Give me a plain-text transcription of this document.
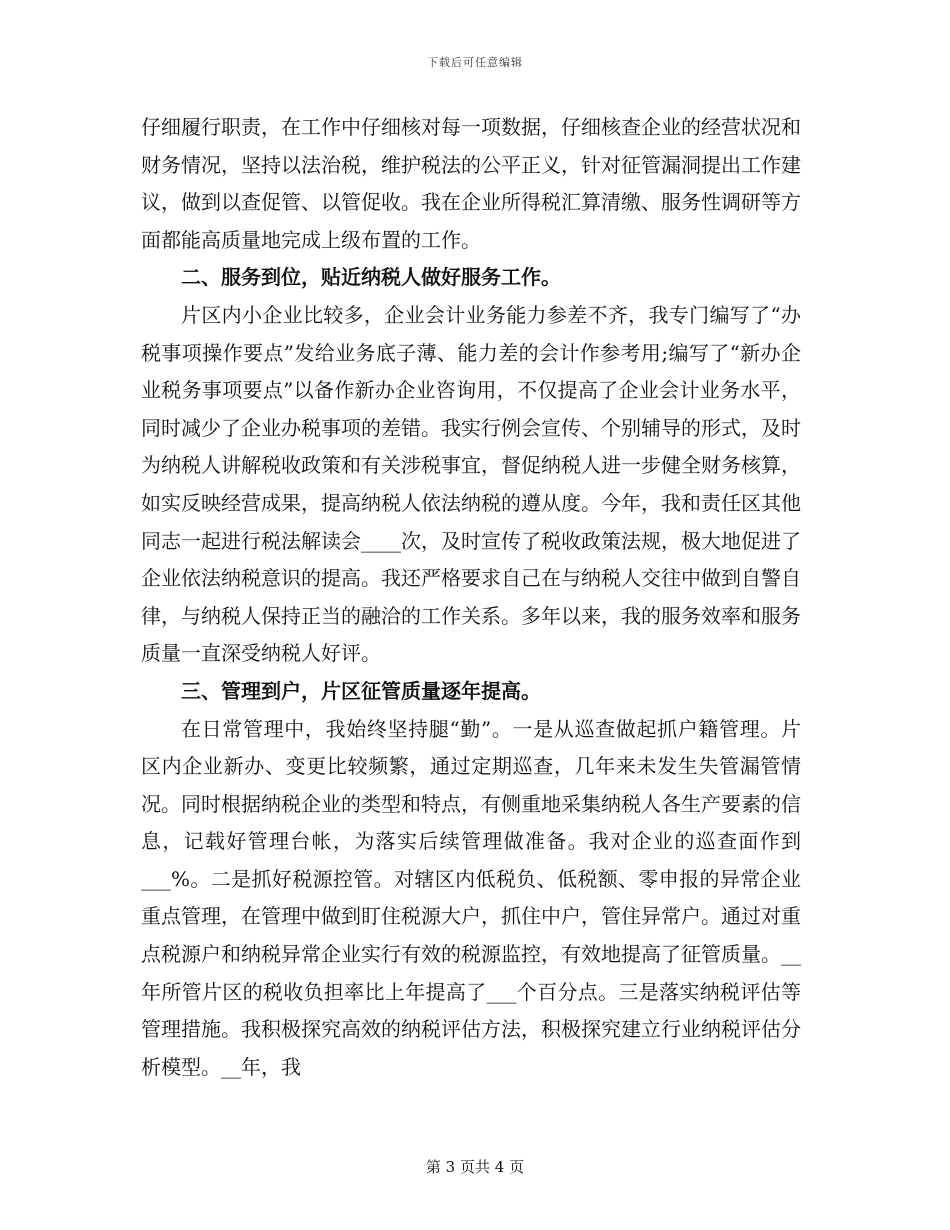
下载后可任意编辑

仔细履行职责，在工作中仔细核对每一项数据，仔细核查企业的经营状况和财务情况，坚持以法治税，维护税法的公平正义，针对征管漏洞提出工作建议，做到以查促管、以管促收。我在企业所得税汇算清缴、服务性调研等方面都能高质量地完成上级布置的工作。

二、服务到位，贴近纳税人做好服务工作。

片区内小企业比较多，企业会计业务能力参差不齐，我专门编写了“办税事项操作要点”发给业务底子薄、能力差的会计作参考用;编写了“新办企业税务事项要点”以备作新办企业咨询用，不仅提高了企业会计业务水平，同时减少了企业办税事项的差错。我实行例会宣传、个别辅导的形式，及时为纳税人讲解税收政策和有关涉税事宜，督促纳税人进一步健全财务核算，如实反映经营成果，提高纳税人依法纳税的遵从度。今年，我和责任区其他同志一起进行税法解读会____次，及时宣传了税收政策法规，极大地促进了企业依法纳税意识的提高。我还严格要求自己在与纳税人交往中做到自警自律，与纳税人保持正当的融洽的工作关系。多年以来，我的服务效率和服务质量一直深受纳税人好评。

三、管理到户，片区征管质量逐年提高。

在日常管理中，我始终坚持腿“勤”。一是从巡查做起抓户籍管理。片区内企业新办、变更比较频繁，通过定期巡查，几年来未发生失管漏管情况。同时根据纳税企业的类型和特点，有侧重地采集纳税人各生产要素的信息，记载好管理台帐，为落实后续管理做准备。我对企业的巡查面作到___%。二是抓好税源控管。对辖区内低税负、低税额、零申报的异常企业重点管理，在管理中做到盯住税源大户，抓住中户，管住异常户。通过对重点税源户和纳税异常企业实行有效的税源监控，有效地提高了征管质量。__年所管片区的税收负担率比上年提高了___个百分点。三是落实纳税评估等管理措施。我积极探究高效的纳税评估方法，积极探究建立行业纳税评估分析模型。__年，我

第 3 页共 4 页
